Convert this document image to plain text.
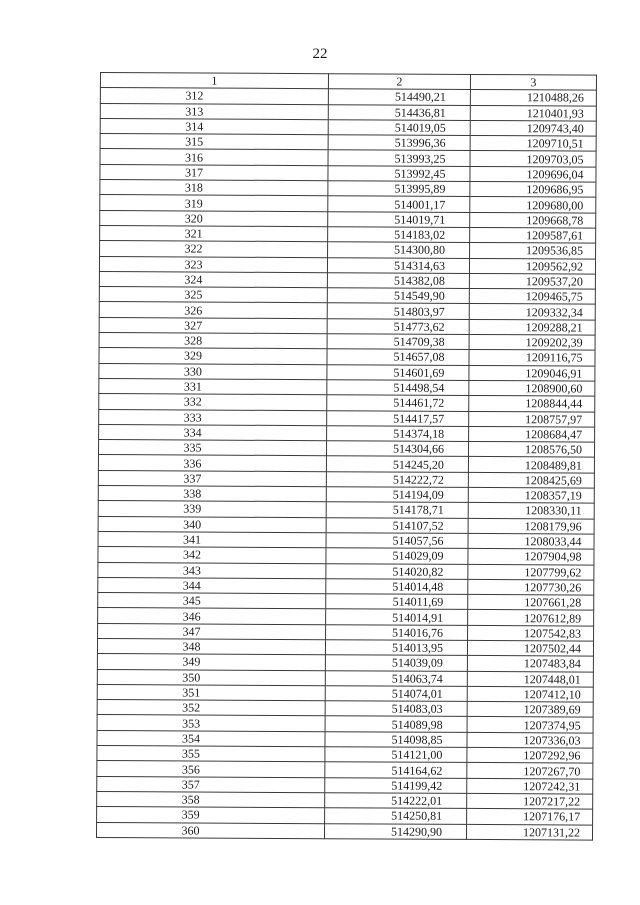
22
1	2	3
312	514490,21	1210488,26
313	514436,81	1210401,93
314	514019,05	1209743,40
315	513996,36	1209710,51
316	513993,25	1209703,05
317	513992,45	1209696,04
318	513995,89	1209686,95
319	514001,17	1209680,00
320	514019,71	1209668,78
321	514183,02	1209587,61
322	514300,80	1209536,85
323	514314,63	1209562,92
324	514382,08	1209537,20
325	514549,90	1209465,75
326	514803,97	1209332,34
327	514773,62	1209288,21
328	514709,38	1209202,39
329	514657,08	1209116,75
330	514601,69	1209046,91
331	514498,54	1208900,60
332	514461,72	1208844,44
333	514417,57	1208757,97
334	514374,18	1208684,47
335	514304,66	1208576,50
336	514245,20	1208489,81
337	514222,72	1208425,69
338	514194,09	1208357,19
339	514178,71	1208330,11
340	514107,52	1208179,96
341	514057,56	1208033,44
342	514029,09	1207904,98
343	514020,82	1207799,62
344	514014,48	1207730,26
345	514011,69	1207661,28
346	514014,91	1207612,89
347	514016,76	1207542,83
348	514013,95	1207502,44
349	514039,09	1207483,84
350	514063,74	1207448,01
351	514074,01	1207412,10
352	514083,03	1207389,69
353	514089,98	1207374,95
354	514098,85	1207336,03
355	514121,00	1207292,96
356	514164,62	1207267,70
357	514199,42	1207242,31
358	514222,01	1207217,22
359	514250,81	1207176,17
360	514290,90	1207131,22
